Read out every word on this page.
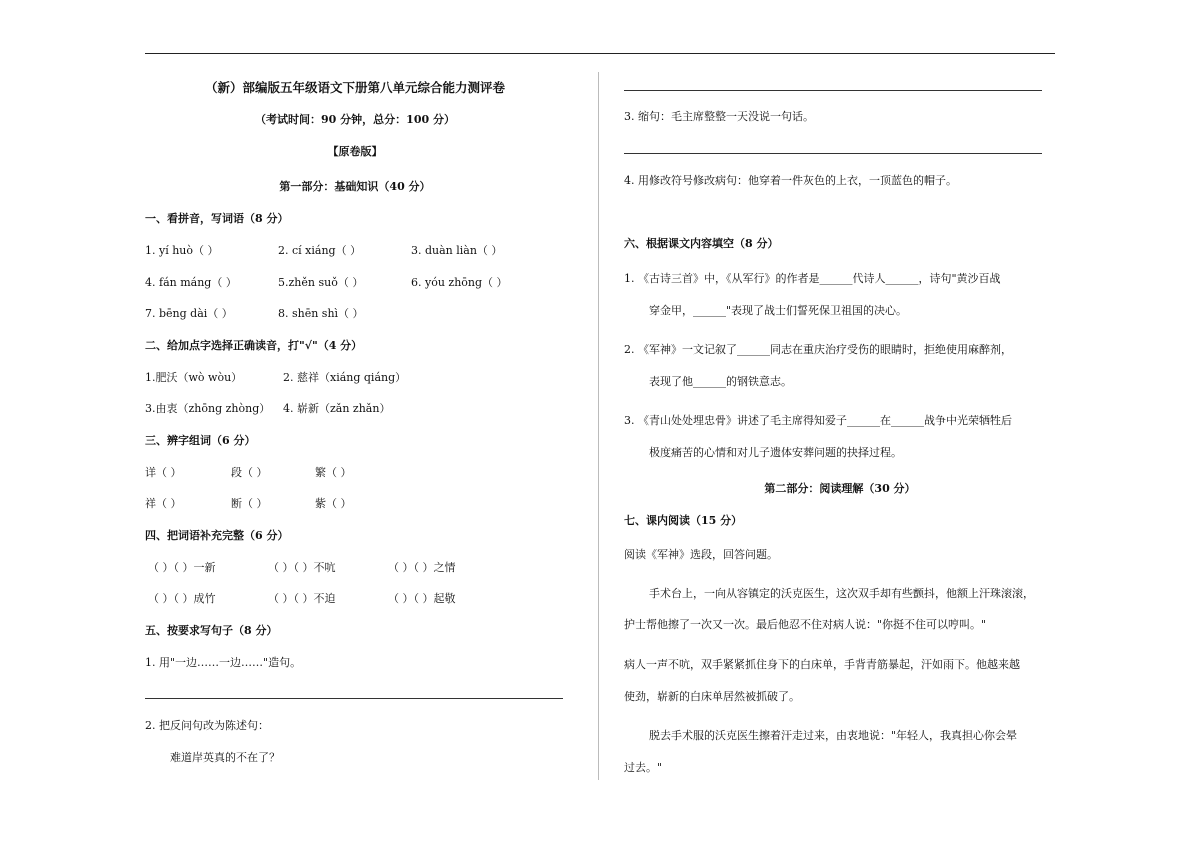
（新）部编版五年级语文下册第八单元综合能力测评卷
（考试时间：90 分钟，总分：100 分）
【原卷版】
第一部分：基础知识（40 分）
一、看拼音，写词语（8 分）
1. yí huò（ ）	2. cí xiáng（ ）	3. duàn liàn（ ）
4. fán máng（ ）	5.zhěn suǒ（ ）	6. yóu zhōng（ ）
7. bēng dài（ ）	8. shēn shì（ ）
二、给加点字选择正确读音，打"√"（4 分）
1.肥沃（wò wòu）	2. 慈祥（xiáng qiáng）
3.由衷（zhōng zhòng） 4. 崭新（zǎn zhǎn）
三、辨字组词（6 分）
详（ ）	段（ ）	繁（ ）
祥（ ）	断（ ）	紫（ ）
四、把词语补充完整（6 分）
（ ）（ ）一新	（ ）（ ）不吭	（ ）（ ）之情
（ ）（ ）成竹	（ ）（ ）不迫	（ ）（ ）起敬
五、按要求写句子（8 分）
1. 用"一边……一边……"造句。
2. 把反问句改为陈述句：
难道岸英真的不在了？
3. 缩句：毛主席整整一天没说一句话。
4. 用修改符号修改病句：他穿着一件灰色的上衣，一顶蓝色的帽子。
六、根据课文内容填空（8 分）
1. 《古诗三首》中，《从军行》的作者是______代诗人______，诗句"黄沙百战
穿金甲，______"表现了战士们誓死保卫祖国的决心。
2. 《军神》一文记叙了______同志在重庆治疗受伤的眼睛时，拒绝使用麻醉剂，
表现了他______的钢铁意志。
3. 《青山处处埋忠骨》讲述了毛主席得知爱子______在______战争中光荣牺牲后
极度痛苦的心情和对儿子遗体安葬问题的抉择过程。
第二部分：阅读理解（30 分）
七、课内阅读（15 分）
阅读《军神》选段，回答问题。
手术台上，一向从容镇定的沃克医生，这次双手却有些颤抖，他额上汗珠滚滚，
护士帮他擦了一次又一次。最后他忍不住对病人说："你挺不住可以哼叫。"
病人一声不吭，双手紧紧抓住身下的白床单，手背青筋暴起，汗如雨下。他越来越
使劲，崭新的白床单居然被抓破了。
脱去手术服的沃克医生擦着汗走过来，由衷地说："年轻人，我真担心你会晕
过去。"
